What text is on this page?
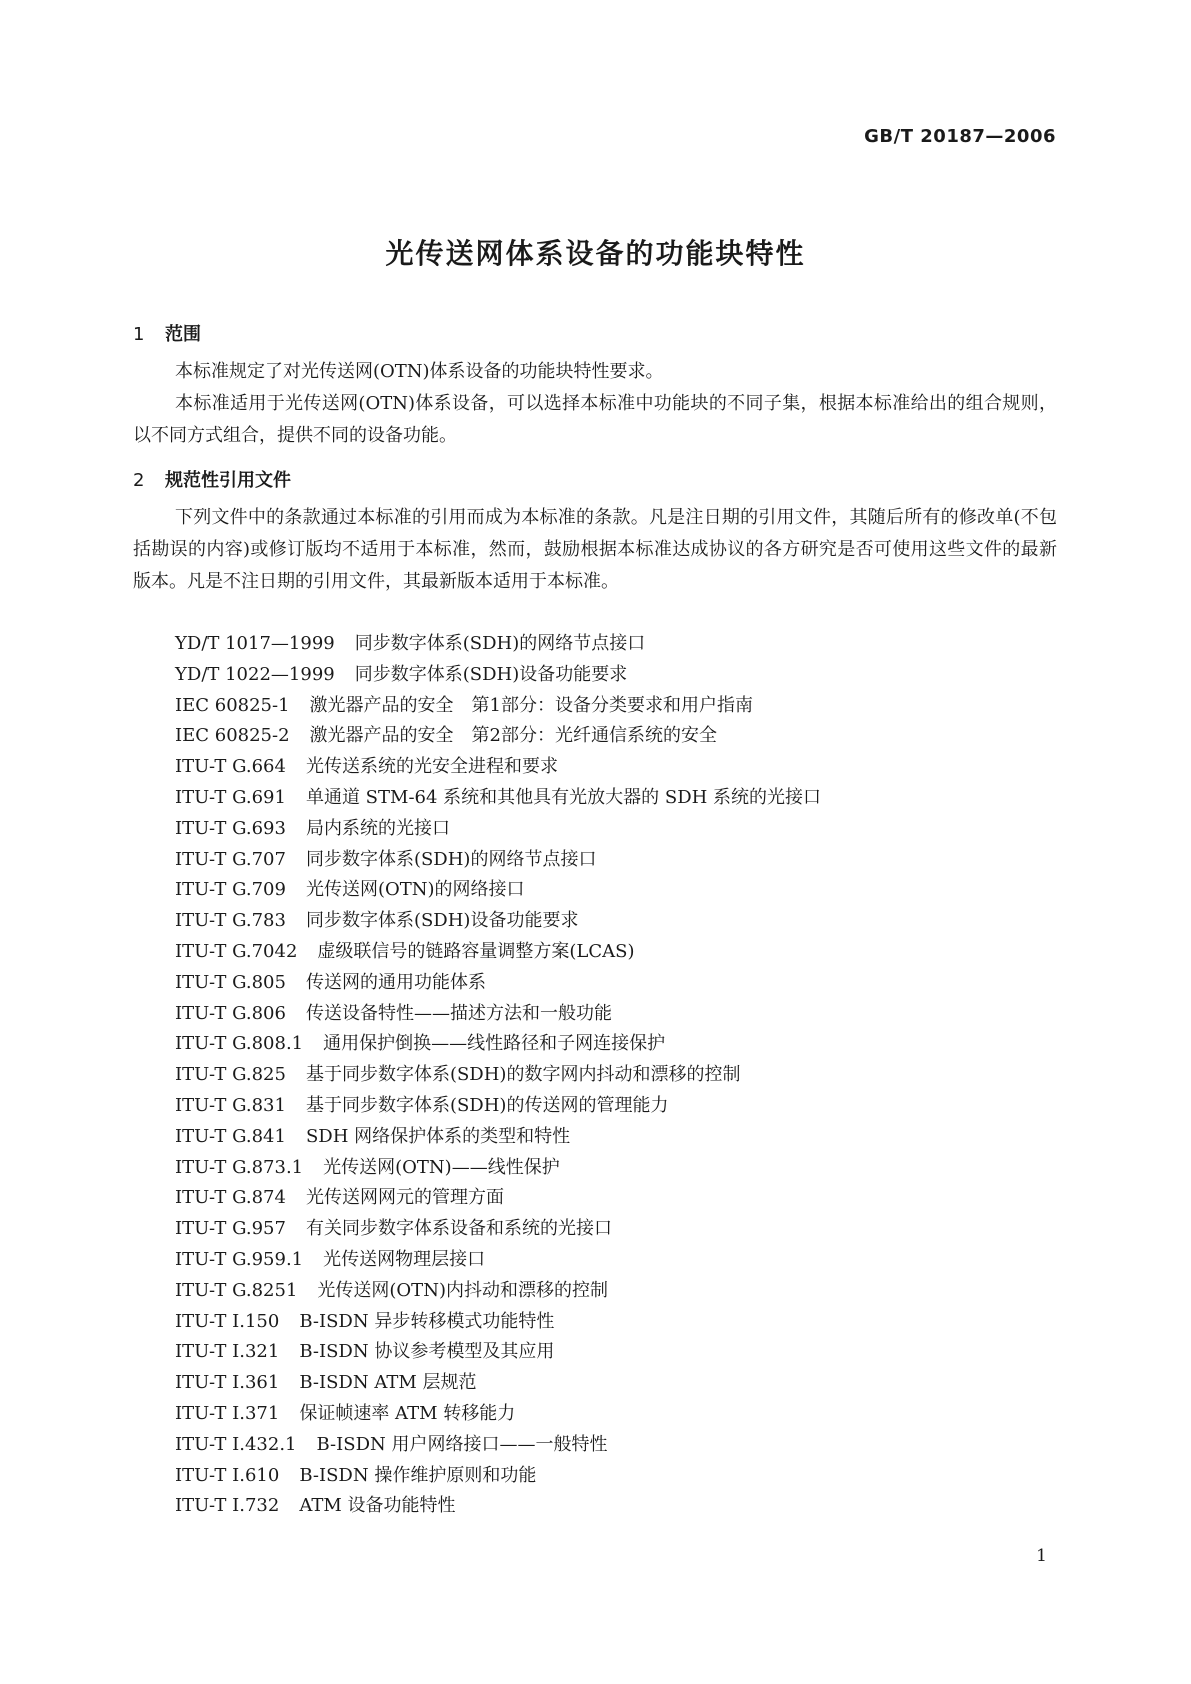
GB/T 20187—2006
光传送网体系设备的功能块特性
1 范围

本标准规定了对光传送网(OTN)体系设备的功能块特性要求。

本标准适用于光传送网(OTN)体系设备，可以选择本标准中功能块的不同子集，根据本标准给出的组合规则，以不同方式组合，提供不同的设备功能。

2 规范性引用文件

下列文件中的条款通过本标准的引用而成为本标准的条款。凡是注日期的引用文件，其随后所有的修改单(不包括勘误的内容)或修订版均不适用于本标准，然而，鼓励根据本标准达成协议的各方研究是否可使用这些文件的最新版本。凡是不注日期的引用文件，其最新版本适用于本标准。

YD/T 1017—1999 同步数字体系(SDH)的网络节点接口
YD/T 1022—1999 同步数字体系(SDH)设备功能要求
IEC 60825-1 激光器产品的安全　第1部分：设备分类要求和用户指南
IEC 60825-2 激光器产品的安全　第2部分：光纤通信系统的安全
ITU-T G.664 光传送系统的光安全进程和要求
ITU-T G.691 单通道 STM-64 系统和其他具有光放大器的 SDH 系统的光接口
ITU-T G.693 局内系统的光接口
ITU-T G.707 同步数字体系(SDH)的网络节点接口
ITU-T G.709 光传送网(OTN)的网络接口
ITU-T G.783 同步数字体系(SDH)设备功能要求
ITU-T G.7042 虚级联信号的链路容量调整方案(LCAS)
ITU-T G.805 传送网的通用功能体系
ITU-T G.806 传送设备特性——描述方法和一般功能
ITU-T G.808.1 通用保护倒换——线性路径和子网连接保护
ITU-T G.825 基于同步数字体系(SDH)的数字网内抖动和漂移的控制
ITU-T G.831 基于同步数字体系(SDH)的传送网的管理能力
ITU-T G.841 SDH 网络保护体系的类型和特性
ITU-T G.873.1 光传送网(OTN)——线性保护
ITU-T G.874 光传送网网元的管理方面
ITU-T G.957 有关同步数字体系设备和系统的光接口
ITU-T G.959.1 光传送网物理层接口
ITU-T G.8251 光传送网(OTN)内抖动和漂移的控制
ITU-T I.150 B-ISDN 异步转移模式功能特性
ITU-T I.321 B-ISDN 协议参考模型及其应用
ITU-T I.361 B-ISDN ATM 层规范
ITU-T I.371 保证帧速率 ATM 转移能力
ITU-T I.432.1 B-ISDN 用户网络接口——一般特性
ITU-T I.610 B-ISDN 操作维护原则和功能
ITU-T I.732 ATM 设备功能特性
1
